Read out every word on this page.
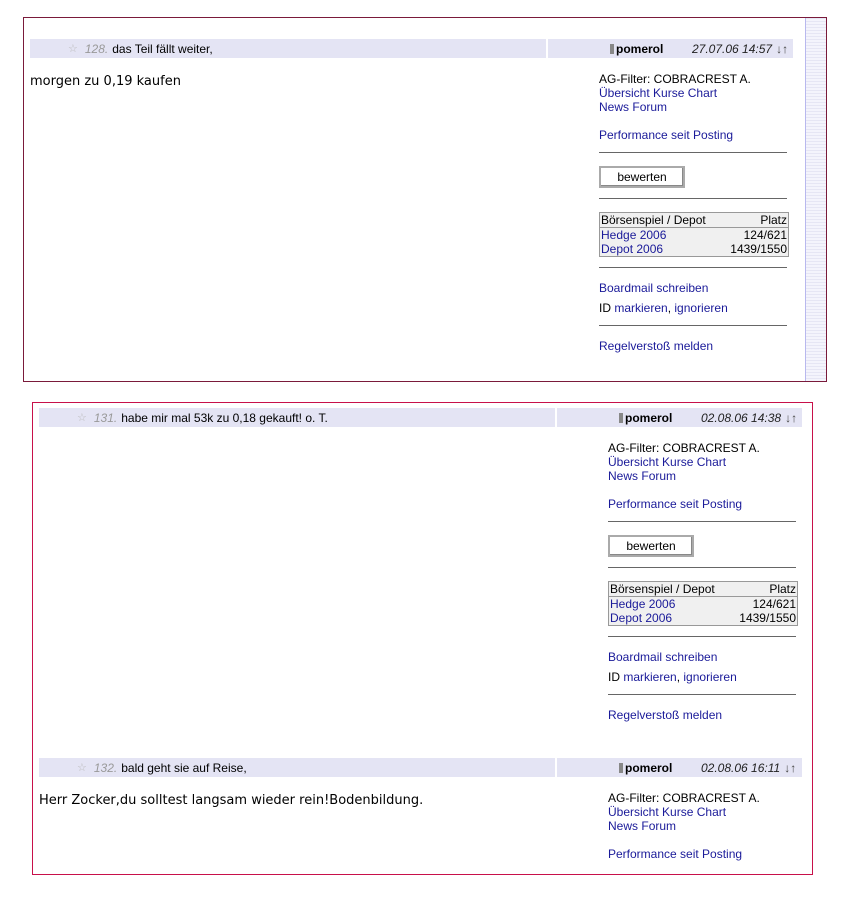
☆ 128. das Teil fällt weiter,	pomerol	27.07.06 14:57 ↓↑
morgen zu 0,19 kaufen	AG-Filter: COBRACREST A.
Übersicht Kurse Chart
News Forum
Performance seit Posting
bewerten
Börsenspiel / Depot	Platz
Hedge 2006	124/621
Depot 2006	1439/1550
Boardmail schreiben
ID markieren, ignorieren
Regelverstoß melden
☆ 131. habe mir mal 53k zu 0,18 gekauft! o. T.	pomerol	02.08.06 14:38 ↓↑
AG-Filter: COBRACREST A.
Übersicht Kurse Chart
News Forum
Performance seit Posting
bewerten
Börsenspiel / Depot	Platz
Hedge 2006	124/621
Depot 2006	1439/1550
Boardmail schreiben
ID markieren, ignorieren
Regelverstoß melden
☆ 132. bald geht sie auf Reise,	pomerol	02.08.06 16:11 ↓↑
Herr Zocker,du solltest langsam wieder rein!Bodenbildung.	AG-Filter: COBRACREST A.
Übersicht Kurse Chart
News Forum
Performance seit Posting
